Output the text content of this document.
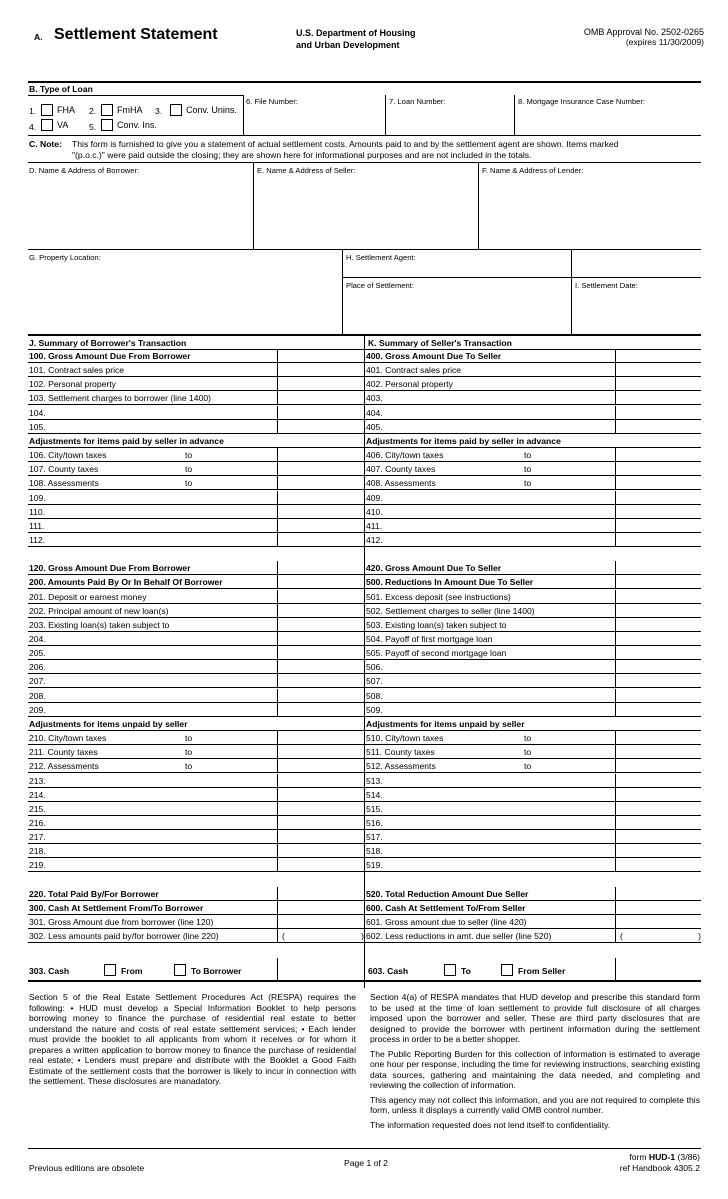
A. Settlement Statement	U.S. Department of Housing
and Urban Development
OMB Approval No. 2502-0265
(expires 11/30/2009)
B. Type of Loan
1. FHA 2. FmHA 3.	Conv. Unins.
4. VA 5. Conv. Ins.
6. File Number:	7. Loan Number:	8. Mortgage Insurance Case Number:
C. Note: This form is furnished to give you a statement of actual settlement costs. Amounts paid to and by the settlement agent are shown. Items marked
"(p.o.c.)" were paid outside the closing; they are shown here for informational purposes and are not included in the totals.
D. Name & Address of Borrower:	E. Name & Address of Seller:	F. Name & Address of Lender:
G. Property Location:	H. Settlement Agent:
Place of Settlement:	I. Settlement Date:
J. Summary of Borrower's Transaction	K. Summary of Seller's Transaction
100. Gross Amount Due From Borrower
101. Contract sales price
102. Personal property
103. Settlement charges to borrower (line 1400)
104.
105.
Adjustments for items paid by seller in advance
106. City/town taxes	to
107. County taxes	to
108. Assessments	to
109.
110.
111.
112.
120. Gross Amount Due From Borrower
200. Amounts Paid By Or In Behalf Of Borrower
201. Deposit or earnest money
202. Principal amount of new loan(s)
203. Existing loan(s) taken subject to
204.
205.
206.
207.
208.
209.
Adjustments for items unpaid by seller
210. City/town taxes	to
211. County taxes	to
212. Assessments	to
213.
214.
215.
216.
217.
218.
219.
220. Total Paid By/For Borrower
300. Cash At Settlement From/To Borrower
301. Gross Amount due from borrower (line 120)
302. Less amounts paid by/for borrower (line 220)	(	)
400. Gross Amount Due To Seller
401. Contract sales price
402. Personal property
403.
404.
405.
Adjustments for items paid by seller in advance
406. City/town taxes	to
407. County taxes	to
408. Assessments	to
409.
410.
411.
412.
420. Gross Amount Due To Seller
500. Reductions In Amount Due To Seller
501. Excess deposit (see instructions)
502. Settlement charges to seller (line 1400)
503. Existing loan(s) taken subject to
504. Payoff of first mortgage loan
505. Payoff of second mortgage loan
506.
507.
508.
509.
Adjustments for items unpaid by seller
510. City/town taxes	to
511. County taxes	to
512. Assessments	to
513.
514.
515.
516.
517.
518.
519.
520. Total Reduction Amount Due Seller
600. Cash At Settlement To/From Seller
601. Gross amount due to seller (line 420)
602. Less reductions in amt. due seller (line 520)	(	)
303. Cash	From	To Borrower	603. Cash	To	From Seller

Section 5 of the Real Estate Settlement Procedures Act (RESPA) requires the following: • HUD must develop a Special Information Booklet to help persons borrowing money to finance the purchase of residential real estate to better understand the nature and costs of real estate settlement services; • Each lender must provide the booklet to all applicants from whom it receives or for whom it prepares a written application to borrow money to finance the purchase of residential real estate; • Lenders must prepare and distribute with the Booklet a Good Faith Estimate of the settlement costs that the borrower is likely to incur in connection with the settlement. These disclosures are manadatory.

Section 4(a) of RESPA mandates that HUD develop and prescribe this standard form to be used at the time of loan settlement to provide full disclosure of all charges imposed upon the borrower and seller. These are third party disclosures that are designed to provide the borrower with pertinent information during the settlement process in order to be a better shopper.

The Public Reporting Burden for this collection of information is estimated to average one hour per response, including the time for reviewing instructions, searching existing data sources, gathering and maintaining the data needed, and completing and reviewing the collection of information.

This agency may not collect this information, and you are not required to complete this form, unless it displays a currently valid OMB control number.

The information requested does not lend itself to confidentiality.

Previous editions are obsolete	Page 1 of 2
form HUD-1 (3/86)
ref Handbook 4305.2
